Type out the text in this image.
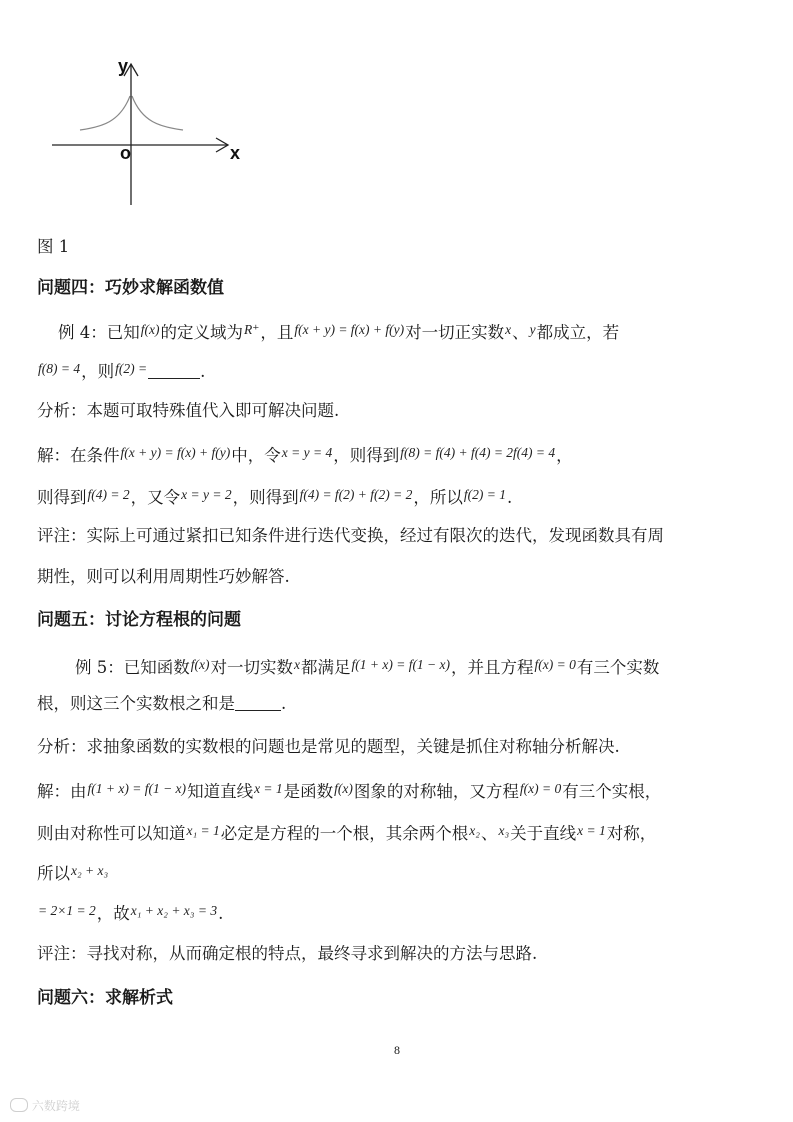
y
x
o
图 1
问题四：巧妙求解函数值
例 4：已知f(x)的定义域为R⁺，且f(x + y) = f(x) + f(y)对一切正实数x、y都成立，若
f(8) = 4，则f(2) =	.
分析：本题可取特殊值代入即可解决问题.
解：在条件f(x + y) = f(x) + f(y)中，令x = y = 4，则得到f(8) = f(4) + f(4) = 2f(4) = 4，
则得到f(4) = 2，又令x = y = 2，则得到f(4) = f(2) + f(2) = 2，所以f(2) = 1.
评注：实际上可通过紧扣已知条件进行迭代变换，经过有限次的迭代，发现函数具有周
期性，则可以利用周期性巧妙解答.
问题五：讨论方程根的问题
例 5：已知函数f(x)对一切实数x都满足f(1 + x) = f(1 − x)，并且方程f(x) = 0有三个实数
根，则这三个实数根之和是	.
分析：求抽象函数的实数根的问题也是常见的题型，关键是抓住对称轴分析解决.
解：由f(1 + x) = f(1 − x)知道直线x = 1是函数f(x)图象的对称轴，又方程f(x) = 0有三个实根，
则由对称性可以知道x₁ = 1必定是方程的一个根，其余两个根x₂、x₃关于直线x = 1对称，
所以x₂ + x₃
= 2×1 = 2，故x₁ + x₂ + x₃ = 3.
评注：寻找对称，从而确定根的特点，最终寻求到解决的方法与思路.
问题六：求解析式
8
六数跨境
